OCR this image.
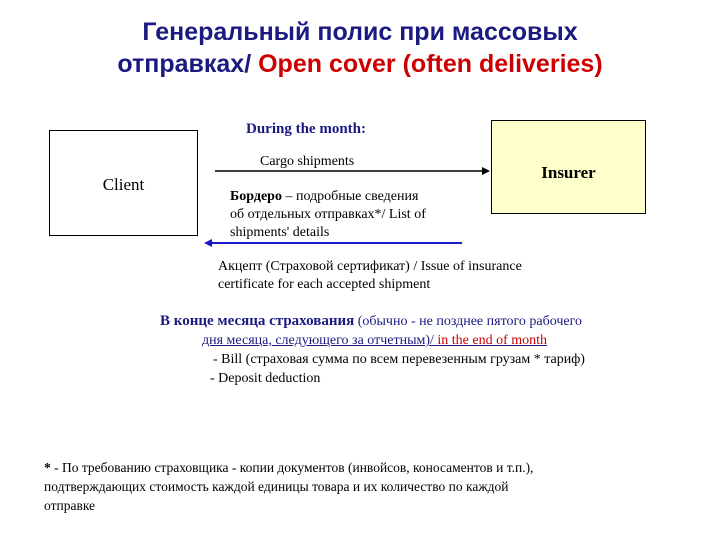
Генеральный полис при массовых
отправках/ Open cover (often deliveries)
Client
Insurer
During the month:
Cargo shipments
Бордеро – подробные сведения
об отдельных отправках*/ List of
shipments' details
Акцепт (Страховой сертификат) / Issue of insurance
certificate for each accepted shipment
В конце месяца страхования (обычно - не позднее пятого рабочего
дня месяца, следующего за отчетным)/ in the end of month
- Bill (страховая сумма по всем перевезенным грузам * тариф)
- Deposit deduction
* - По требованию страховщика - копии документов (инвойсов, коносаментов и т.п.),
подтверждающих стоимость каждой единицы товара и их количество по каждой
отправке
